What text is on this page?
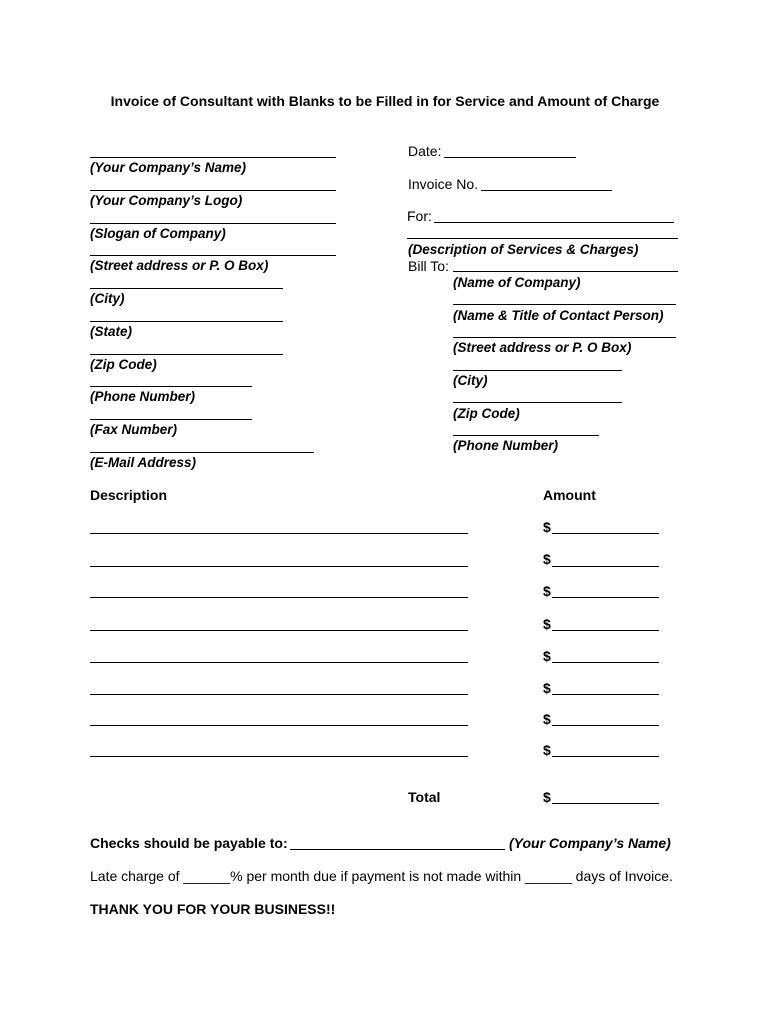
Invoice of Consultant with Blanks to be Filled in for Service and Amount of Charge
(Your Company’s Name)
(Your Company’s Logo)
(Slogan of Company)
(Street address or P. O Box)
(City)
(State)
(Zip Code)
(Phone Number)
(Fax Number)
(E-Mail Address)
Date:
Invoice No.
For:
(Description of Services & Charges)
Bill To:
(Name of Company)
(Name & Title of Contact Person)
(Street address or P. O Box)
(City)
(Zip Code)
(Phone Number)
Description	Amount
$
$
$
$
$
$
$
$
Total	$
Checks should be payable to:	(Your Company’s Name)
Late charge of ______% per month due if payment is not made within ______ days of Invoice.
THANK YOU FOR YOUR BUSINESS!!
